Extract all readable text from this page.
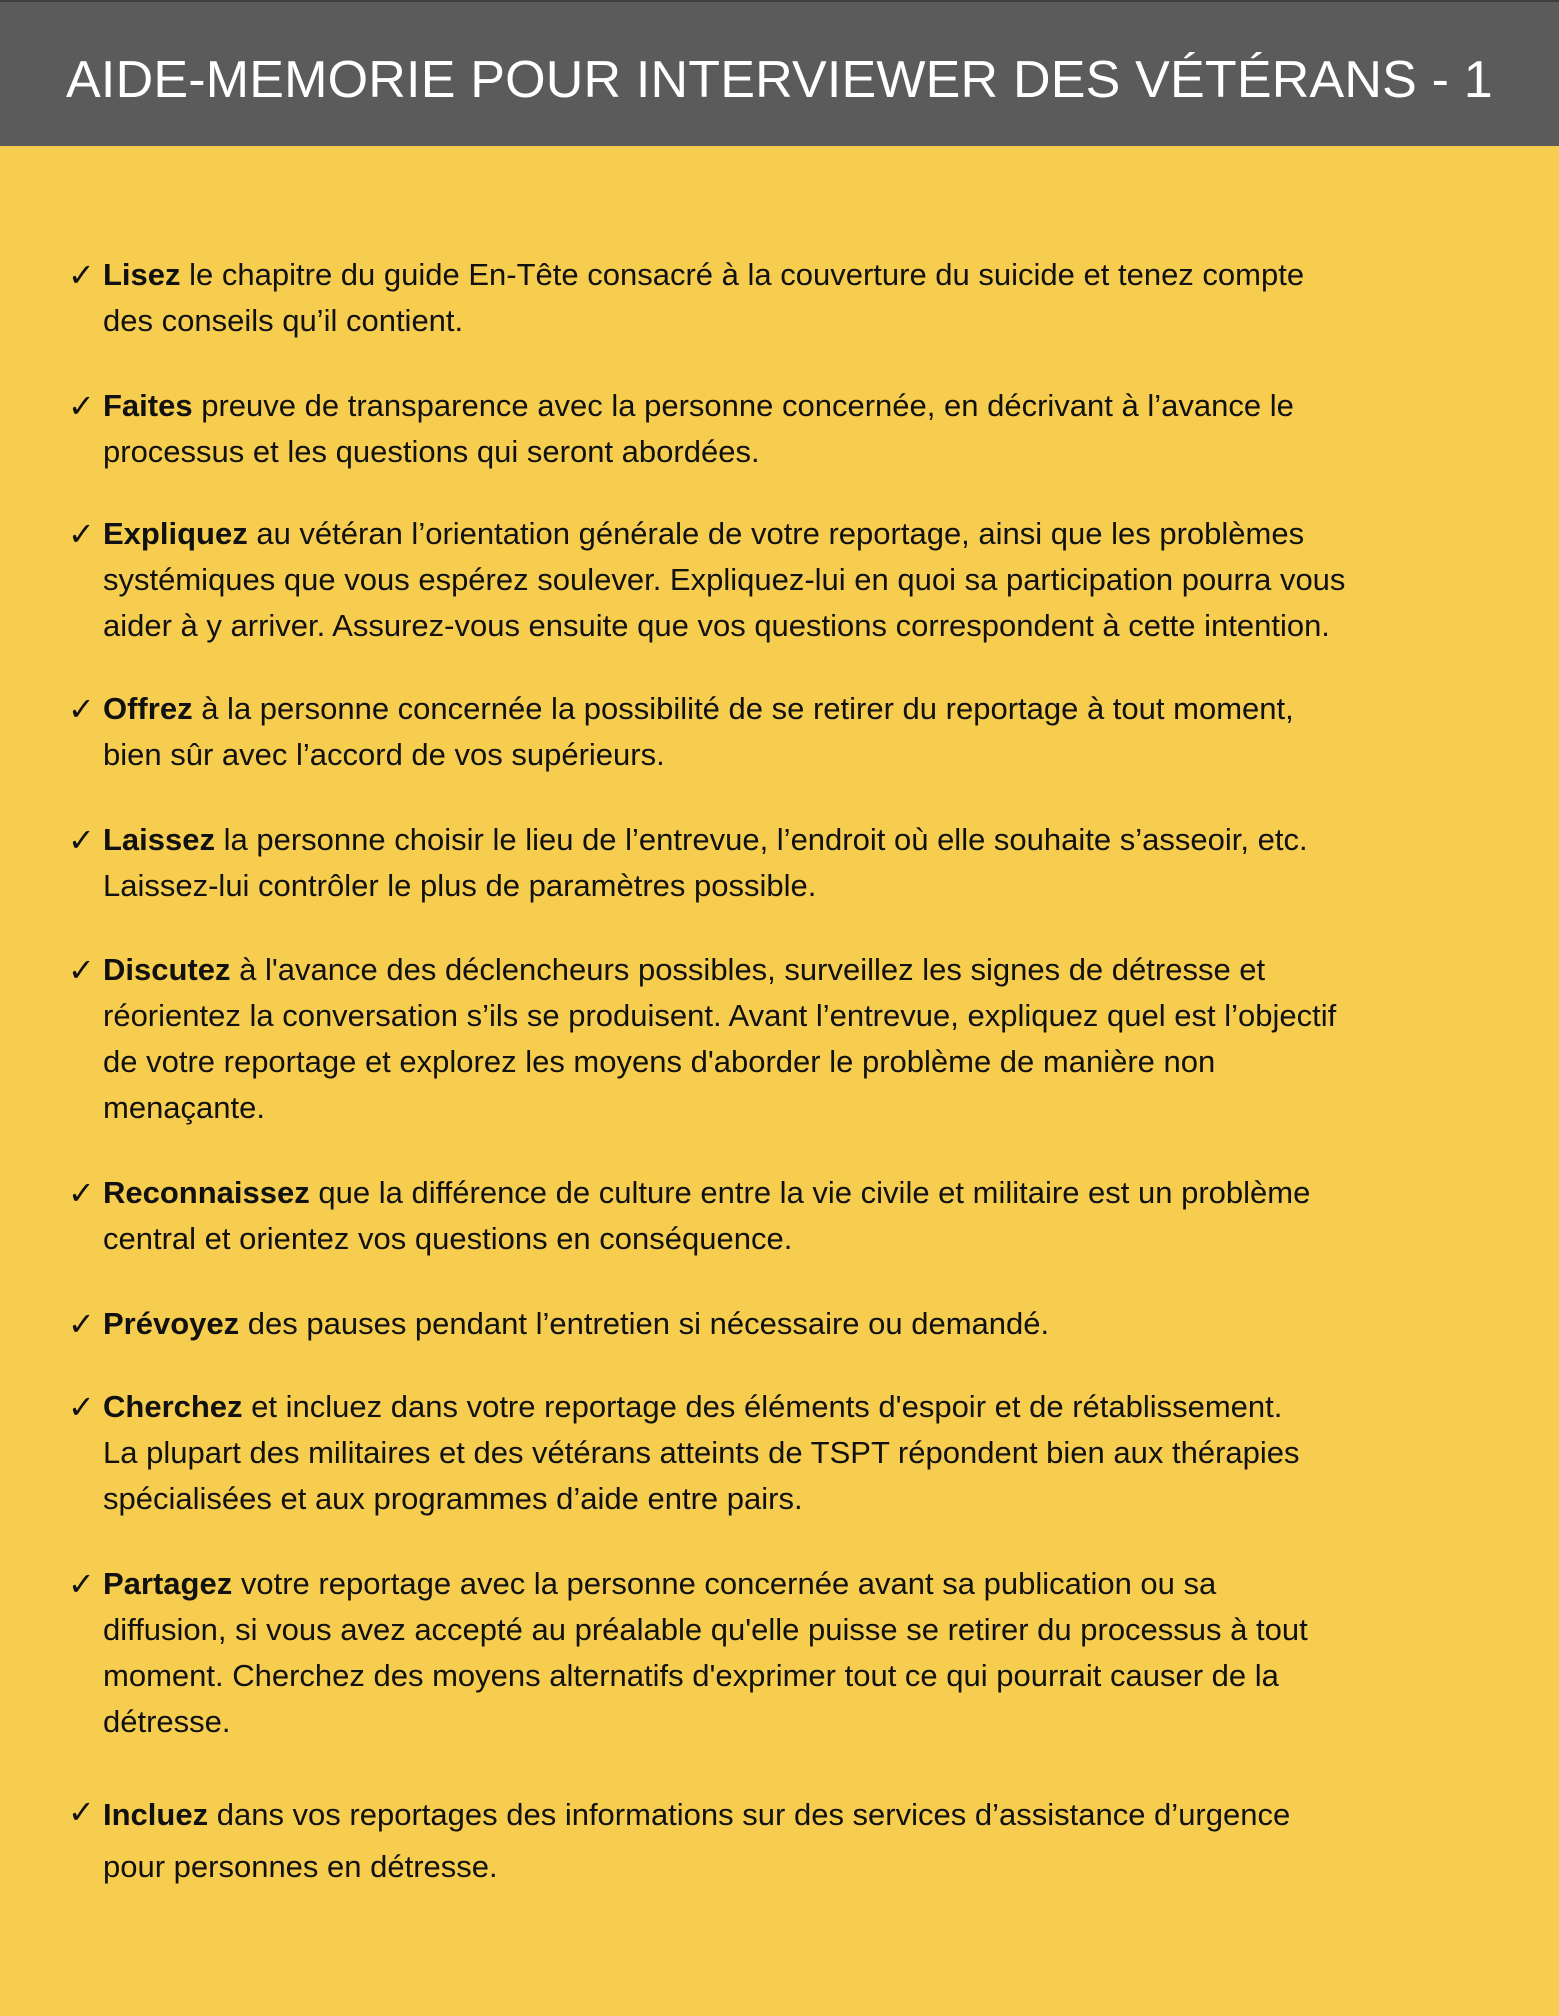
AIDE-MEMORIE POUR INTERVIEWER DES VÉTÉRANS - 1
✓ Lisez le chapitre du guide En-Tête consacré à la couverture du suicide et tenez compte
des conseils qu’il contient.
✓ Faites preuve de transparence avec la personne concernée, en décrivant à l’avance le
processus et les questions qui seront abordées.
✓ Expliquez au vétéran l’orientation générale de votre reportage, ainsi que les problèmes
systémiques que vous espérez soulever. Expliquez-lui en quoi sa participation pourra vous
aider à y arriver. Assurez-vous ensuite que vos questions correspondent à cette intention.
✓ Offrez à la personne concernée la possibilité de se retirer du reportage à tout moment,
bien sûr avec l’accord de vos supérieurs.
✓ Laissez la personne choisir le lieu de l’entrevue, l’endroit où elle souhaite s’asseoir, etc.
Laissez-lui contrôler le plus de paramètres possible.
✓ Discutez à l'avance des déclencheurs possibles, surveillez les signes de détresse et
réorientez la conversation s’ils se produisent. Avant l’entrevue, expliquez quel est l’objectif
de votre reportage et explorez les moyens d'aborder le problème de manière non
menaçante.
✓ Reconnaissez que la différence de culture entre la vie civile et militaire est un problème
central et orientez vos questions en conséquence.
✓ Prévoyez des pauses pendant l’entretien si nécessaire ou demandé.
✓ Cherchez et incluez dans votre reportage des éléments d'espoir et de rétablissement.
La plupart des militaires et des vétérans atteints de TSPT répondent bien aux thérapies
spécialisées et aux programmes d’aide entre pairs.
✓ Partagez votre reportage avec la personne concernée avant sa publication ou sa
diffusion, si vous avez accepté au préalable qu'elle puisse se retirer du processus à tout
moment. Cherchez des moyens alternatifs d'exprimer tout ce qui pourrait causer de la
détresse.
✓ Incluez dans vos reportages des informations sur des services d’assistance d’urgence
pour personnes en détresse.
